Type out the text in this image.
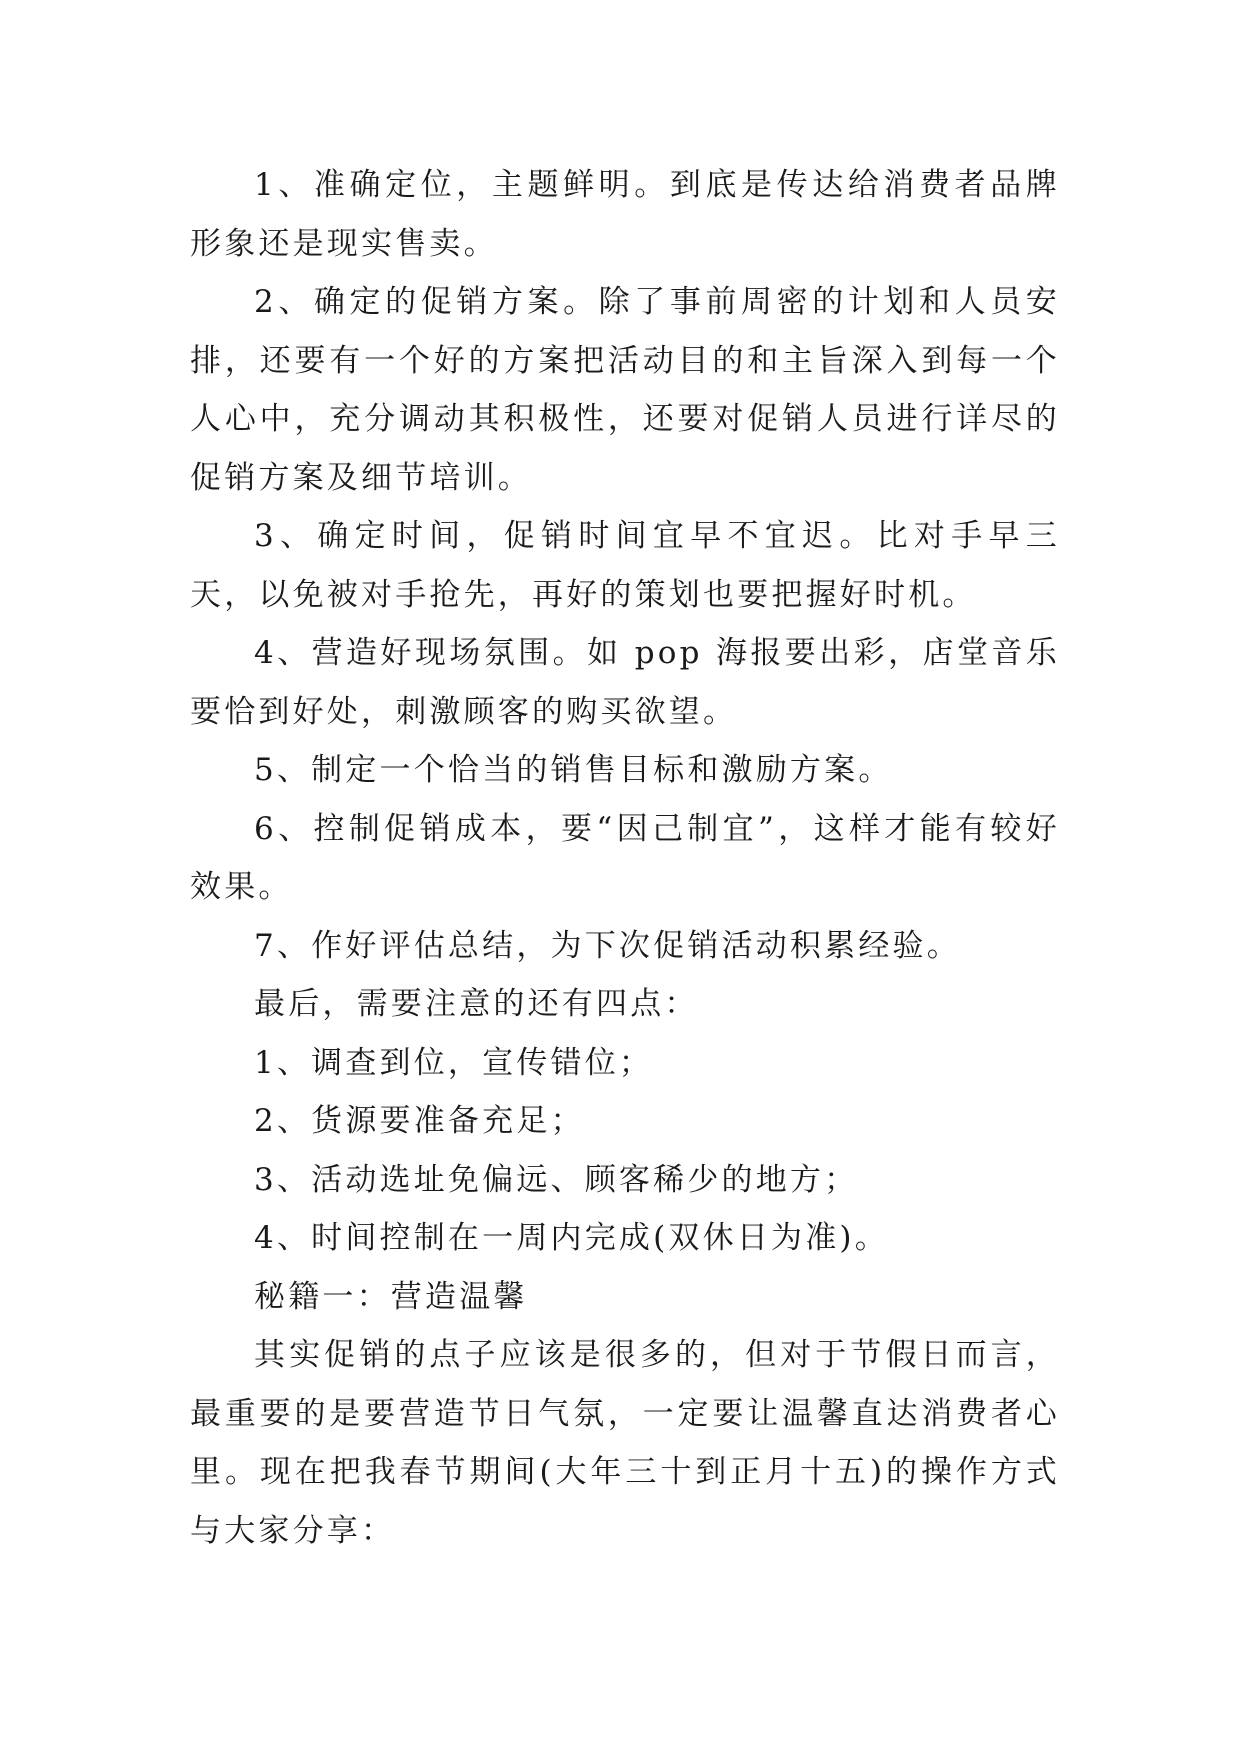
1、准确定位，主题鲜明。到底是传达给消费者品牌形象还是现实售卖。

2、确定的促销方案。除了事前周密的计划和人员安排，还要有一个好的方案把活动目的和主旨深入到每一个人心中，充分调动其积极性，还要对促销人员进行详尽的促销方案及细节培训。

3、确定时间，促销时间宜早不宜迟。比对手早三天，以免被对手抢先，再好的策划也要把握好时机。

4、营造好现场氛围。如 pop 海报要出彩，店堂音乐要恰到好处，刺激顾客的购买欲望。

5、制定一个恰当的销售目标和激励方案。

6、控制促销成本，要“因己制宜”，这样才能有较好效果。

7、作好评估总结，为下次促销活动积累经验。

最后，需要注意的还有四点：

1、调查到位，宣传错位；

2、货源要准备充足；

3、活动选址免偏远、顾客稀少的地方；

4、时间控制在一周内完成(双休日为准)。

秘籍一：营造温馨

其实促销的点子应该是很多的，但对于节假日而言，最重要的是要营造节日气氛，一定要让温馨直达消费者心里。现在把我春节期间(大年三十到正月十五)的操作方式与大家分享：
